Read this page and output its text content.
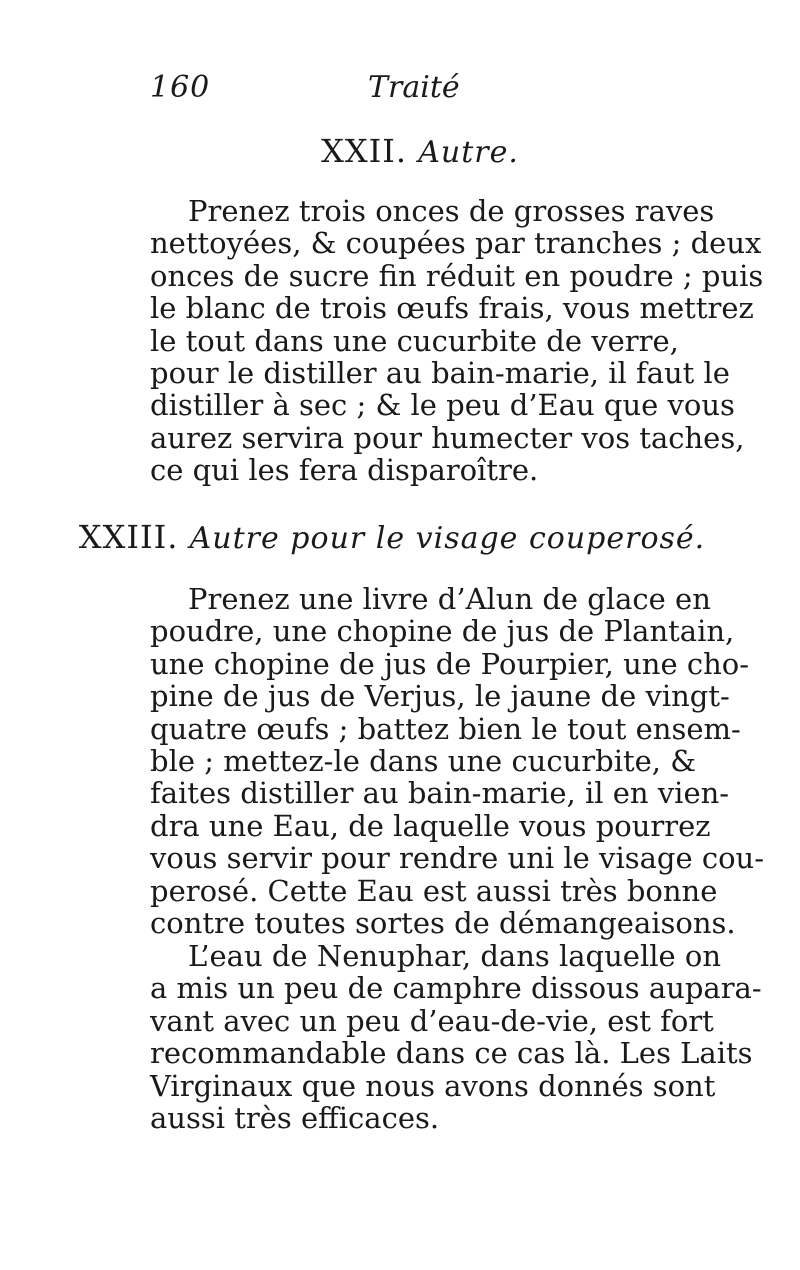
160	Traité
XXII. Autre.
Prenez trois onces de grosses raves
nettoyées, & coupées par tranches ; deux
onces de sucre fin réduit en poudre ; puis
le blanc de trois œufs frais, vous mettrez
le tout dans une cucurbite de verre,
pour le distiller au bain-marie, il faut le
distiller à sec ; & le peu d’Eau que vous
aurez servira pour humecter vos taches,
ce qui les fera disparoître.
XXIII. Autre pour le visage couperosé.
Prenez une livre d’Alun de glace en
poudre, une chopine de jus de Plantain,
une chopine de jus de Pourpier, une cho-
pine de jus de Verjus, le jaune de vingt-
quatre œufs ; battez bien le tout ensem-
ble ; mettez-le dans une cucurbite, &
faites distiller au bain-marie, il en vien-
dra une Eau, de laquelle vous pourrez
vous servir pour rendre uni le visage cou-
perosé. Cette Eau est aussi très bonne
contre toutes sortes de démangeaisons.
L’eau de Nenuphar, dans laquelle on
a mis un peu de camphre dissous aupara-
vant avec un peu d’eau-de-vie, est fort
recommandable dans ce cas là. Les Laits
Virginaux que nous avons donnés sont
aussi très efficaces.
